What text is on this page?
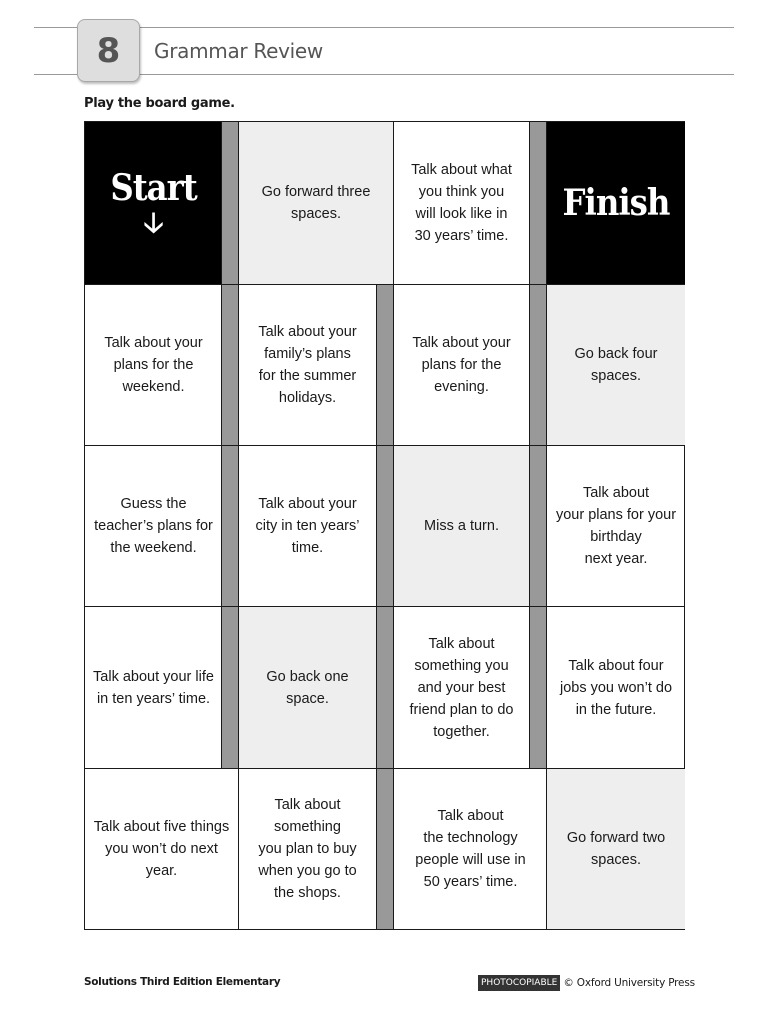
8	Grammar Review
Play the board game.
Start
🡣
Go forward three
spaces.
Talk about what
you think you
will look like in
30 years’ time.
Finish
Talk about your
plans for the
weekend.
Talk about your
family’s plans
for the summer
holidays.
Talk about your
plans for the
evening.
Go back four
spaces.
Guess the
teacher’s plans for
the weekend.
Talk about your
city in ten years’
time.
Miss a turn.
Talk about
your plans for your
birthday
next year.
Talk about your life
in ten years’ time.
Go back one
space.
Talk about
something you
and your best
friend plan to do
together.
Talk about four
jobs you won’t do
in the future.
Talk about five things
you won’t do next
year.
Talk about
something
you plan to buy
when you go to
the shops.
Talk about
the technology
people will use in
50 years’ time.
Go forward two
spaces.
Solutions Third Edition Elementary	PHOTOCOPIABLE © Oxford University Press
